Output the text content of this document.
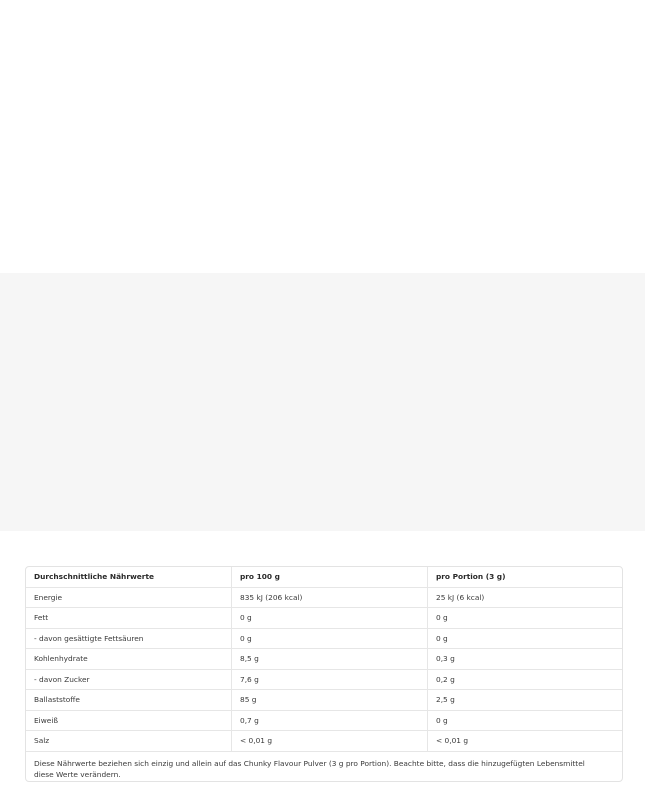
Durchschnittliche Nährwerte	pro 100 g	pro Portion (3 g)
Energie	835 kJ (206 kcal)	25 kJ (6 kcal)
Fett	0 g	0 g
- davon gesättigte Fettsäuren	0 g	0 g
Kohlenhydrate	8,5 g	0,3 g
- davon Zucker	7,6 g	0,2 g
Ballaststoffe	85 g	2,5 g
Eiweiß	0,7 g	0 g
Salz	< 0,01 g	< 0,01 g
Diese Nährwerte beziehen sich einzig und allein auf das Chunky Flavour Pulver (3 g pro Portion). Beachte bitte, dass die hinzugefügten Lebensmittel
diese Werte verändern.
